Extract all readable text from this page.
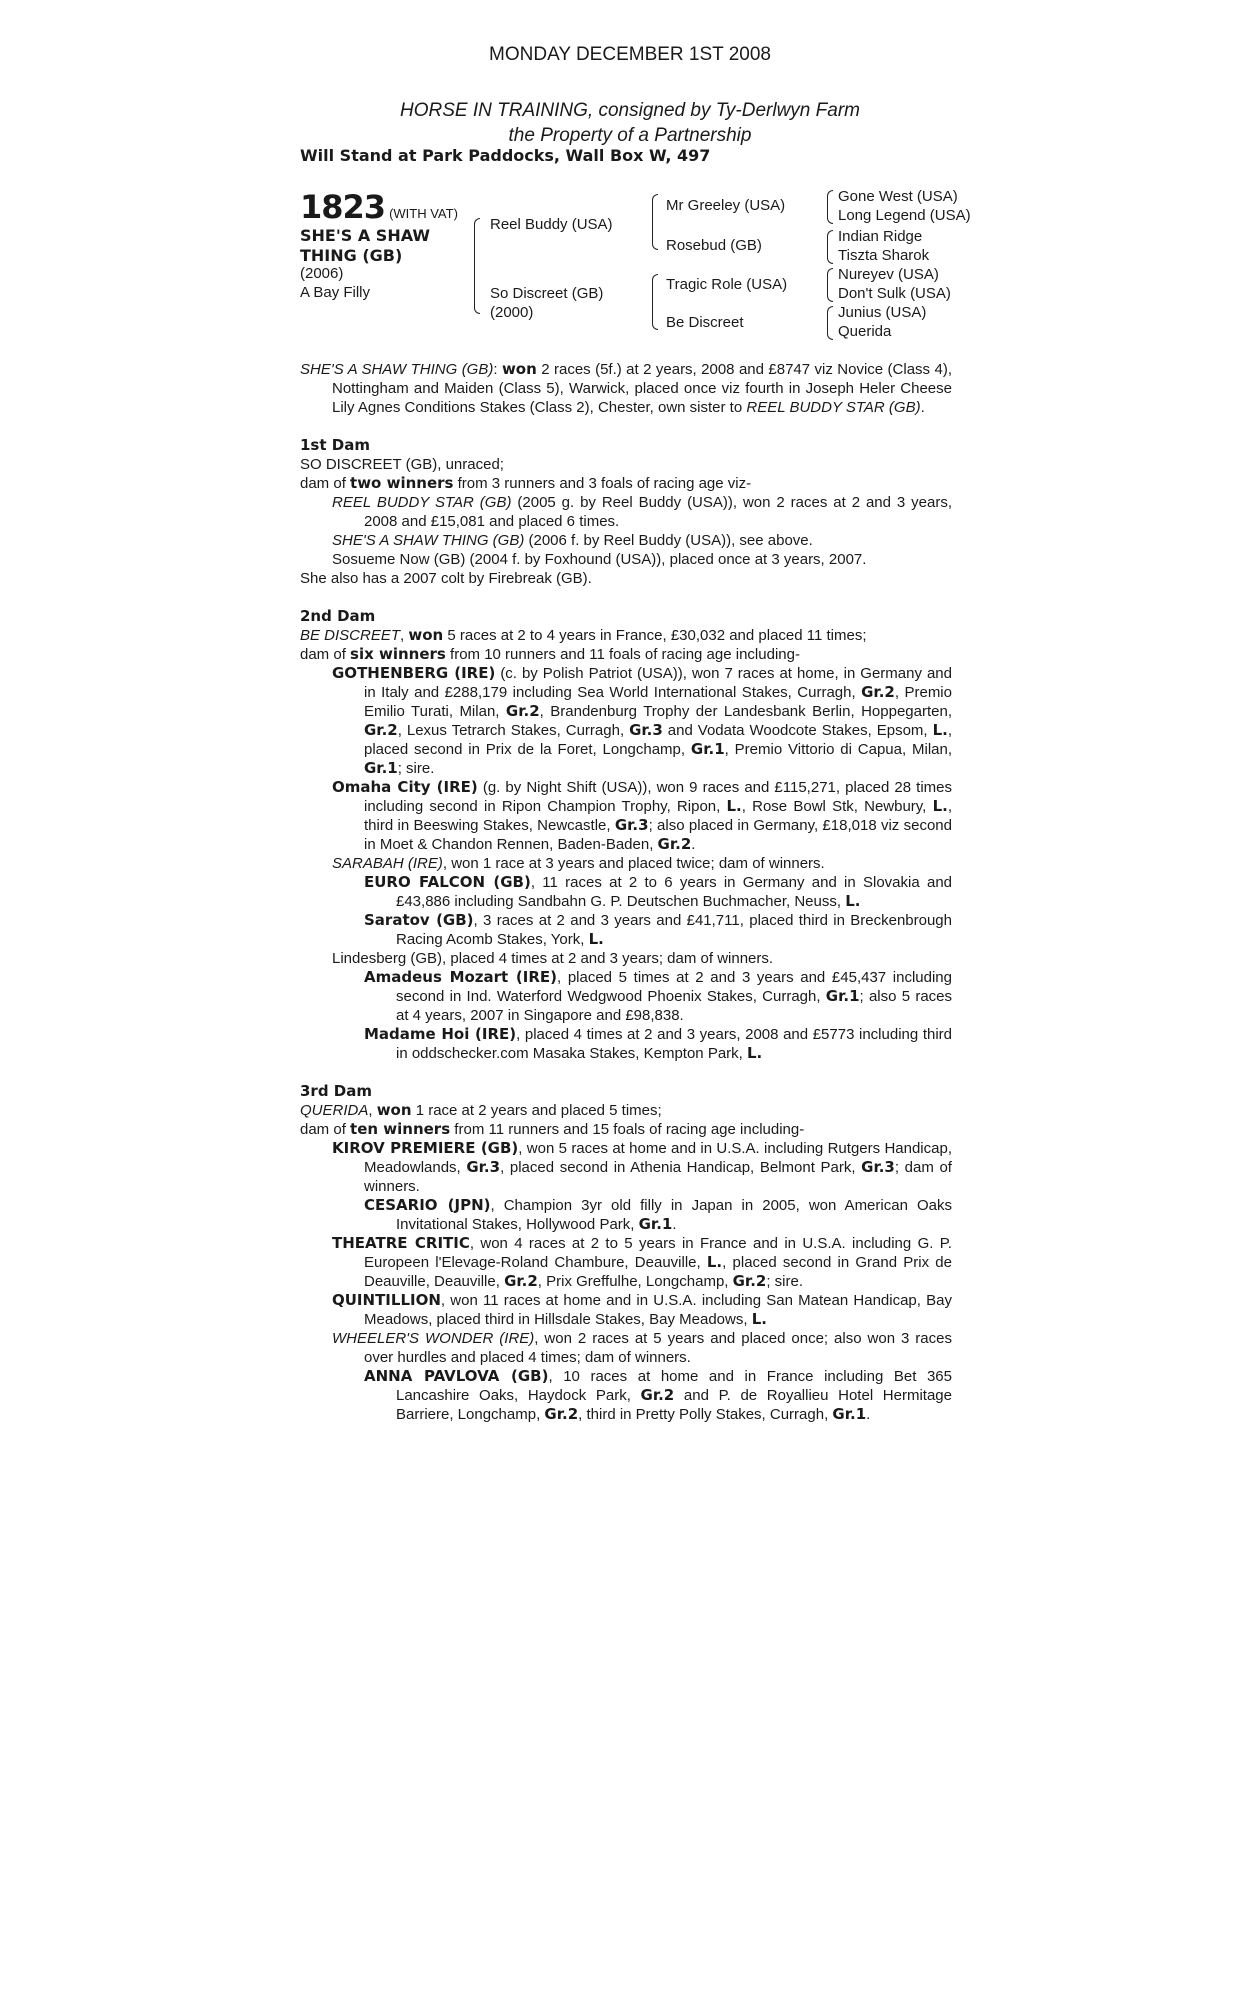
MONDAY DECEMBER 1ST 2008
HORSE IN TRAINING, consigned by Ty-Derlwyn Farm
the Property of a Partnership
Will Stand at Park Paddocks, Wall Box W, 497
1823 (WITH VAT)
SHE'S A SHAW THING (GB)
(2006)
A Bay Filly
Reel Buddy (USA)
So Discreet (GB)
(2000)
Mr Greeley (USA)
Rosebud (GB)
Tragic Role (USA)
Be Discreet
Gone West (USA)
Long Legend (USA)
Indian Ridge
Tiszta Sharok
Nureyev (USA)
Don't Sulk (USA)
Junius (USA)
Querida

SHE'S A SHAW THING (GB): won 2 races (5f.) at 2 years, 2008 and £8747 viz Novice (Class 4), Nottingham and Maiden (Class 5), Warwick, placed once viz fourth in Joseph Heler Cheese Lily Agnes Conditions Stakes (Class 2), Chester, own sister to REEL BUDDY STAR (GB).

1st Dam

SO DISCREET (GB), unraced;

dam of two winners from 3 runners and 3 foals of racing age viz-

REEL BUDDY STAR (GB) (2005 g. by Reel Buddy (USA)), won 2 races at 2 and 3 years, 2008 and £15,081 and placed 6 times.

SHE'S A SHAW THING (GB) (2006 f. by Reel Buddy (USA)), see above.

Sosueme Now (GB) (2004 f. by Foxhound (USA)), placed once at 3 years, 2007.

She also has a 2007 colt by Firebreak (GB).

2nd Dam

BE DISCREET, won 5 races at 2 to 4 years in France, £30,032 and placed 11 times;

dam of six winners from 10 runners and 11 foals of racing age including-

GOTHENBERG (IRE) (c. by Polish Patriot (USA)), won 7 races at home, in Germany and in Italy and £288,179 including Sea World International Stakes, Curragh, Gr.2, Premio Emilio Turati, Milan, Gr.2, Brandenburg Trophy der Landesbank Berlin, Hoppegarten, Gr.2, Lexus Tetrarch Stakes, Curragh, Gr.3 and Vodata Woodcote Stakes, Epsom, L., placed second in Prix de la Foret, Longchamp, Gr.1, Premio Vittorio di Capua, Milan, Gr.1; sire.

Omaha City (IRE) (g. by Night Shift (USA)), won 9 races and £115,271, placed 28 times including second in Ripon Champion Trophy, Ripon, L., Rose Bowl Stk, Newbury, L., third in Beeswing Stakes, Newcastle, Gr.3; also placed in Germany, £18,018 viz second in Moet & Chandon Rennen, Baden-Baden, Gr.2.

SARABAH (IRE), won 1 race at 3 years and placed twice; dam of winners.

EURO FALCON (GB), 11 races at 2 to 6 years in Germany and in Slovakia and £43,886 including Sandbahn G. P. Deutschen Buchmacher, Neuss, L.

Saratov (GB), 3 races at 2 and 3 years and £41,711, placed third in Breckenbrough Racing Acomb Stakes, York, L.

Lindesberg (GB), placed 4 times at 2 and 3 years; dam of winners.

Amadeus Mozart (IRE), placed 5 times at 2 and 3 years and £45,437 including second in Ind. Waterford Wedgwood Phoenix Stakes, Curragh, Gr.1; also 5 races at 4 years, 2007 in Singapore and £98,838.

Madame Hoi (IRE), placed 4 times at 2 and 3 years, 2008 and £5773 including third in oddschecker.com Masaka Stakes, Kempton Park, L.

3rd Dam

QUERIDA, won 1 race at 2 years and placed 5 times;

dam of ten winners from 11 runners and 15 foals of racing age including-

KIROV PREMIERE (GB), won 5 races at home and in U.S.A. including Rutgers Handicap, Meadowlands, Gr.3, placed second in Athenia Handicap, Belmont Park, Gr.3; dam of winners.

CESARIO (JPN), Champion 3yr old filly in Japan in 2005, won American Oaks Invitational Stakes, Hollywood Park, Gr.1.

THEATRE CRITIC, won 4 races at 2 to 5 years in France and in U.S.A. including G. P. Europeen l'Elevage-Roland Chambure, Deauville, L., placed second in Grand Prix de Deauville, Deauville, Gr.2, Prix Greffulhe, Longchamp, Gr.2; sire.

QUINTILLION, won 11 races at home and in U.S.A. including San Matean Handicap, Bay Meadows, placed third in Hillsdale Stakes, Bay Meadows, L.

WHEELER'S WONDER (IRE), won 2 races at 5 years and placed once; also won 3 races over hurdles and placed 4 times; dam of winners.

ANNA PAVLOVA (GB), 10 races at home and in France including Bet 365 Lancashire Oaks, Haydock Park, Gr.2 and P. de Royallieu Hotel Hermitage Barriere, Longchamp, Gr.2, third in Pretty Polly Stakes, Curragh, Gr.1.
